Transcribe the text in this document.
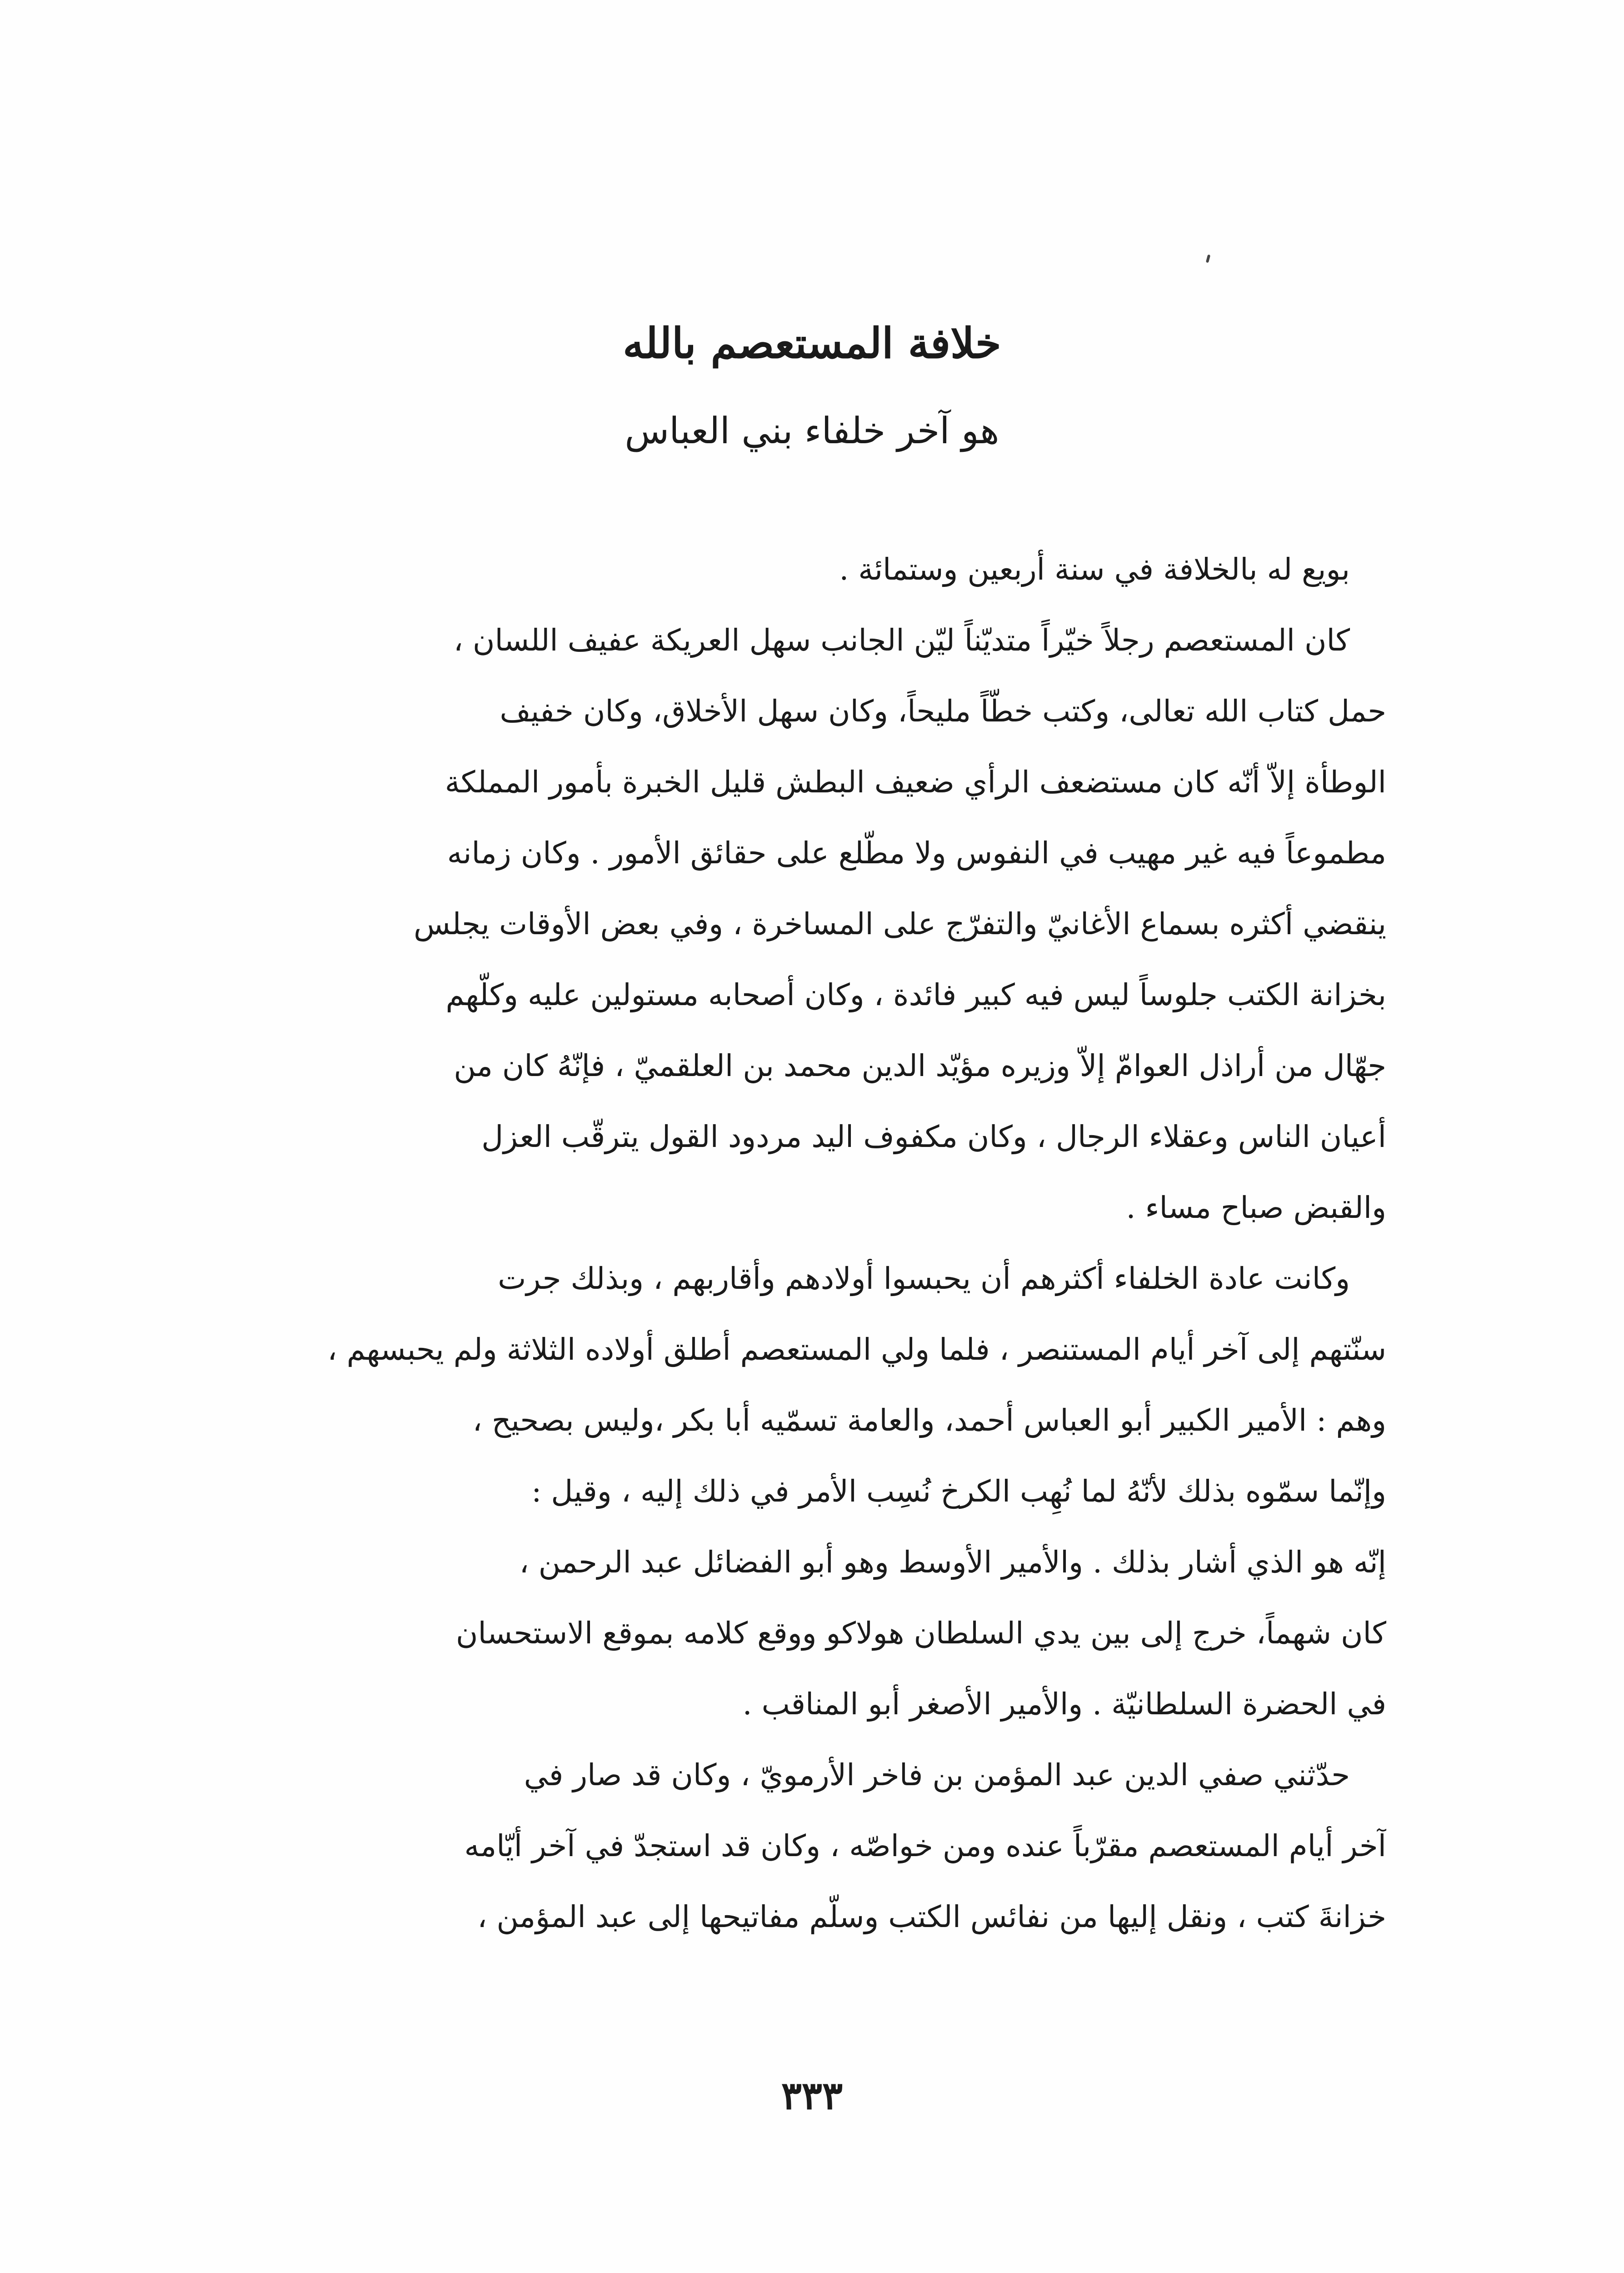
خلافة المستعصم بالله
هو آخر خلفاء بني العباس
بويع له بالخلافة في سنة أربعين وستمائة .
كان المستعصم رجلاً خيّراً متديّناً ليّن الجانب سهل العريكة عفيف اللسان ،
حمل كتاب الله تعالى، وكتب خطّاً مليحاً، وكان سهل الأخلاق، وكان خفيف
الوطأة إلاّ أنّه كان مستضعف الرأي ضعيف البطش قليل الخبرة بأمور المملكة
مطموعاً فيه غير مهيب في النفوس ولا مطّلع على حقائق الأمور . وكان زمانه
ينقضي أكثره بسماع الأغانيّ والتفرّج على المساخرة ، وفي بعض الأوقات يجلس
بخزانة الكتب جلوساً ليس فيه كبير فائدة ، وكان أصحابه مستولين عليه وكلّهم
جهّال من أراذل العوامّ إلاّ وزيره مؤيّد الدين محمد بن العلقميّ ، فإنّهُ كان من
أعيان الناس وعقلاء الرجال ، وكان مكفوف اليد مردود القول يترقّب العزل
والقبض صباح مساء .
وكانت عادة الخلفاء أكثرهم أن يحبسوا أولادهم وأقاربهم ، وبذلك جرت
سنّتهم إلى آخر أيام المستنصر ، فلما ولي المستعصم أطلق أولاده الثلاثة ولم يحبسهم ،
وهم : الأمير الكبير أبو العباس أحمد، والعامة تسمّيه أبا بكر ،وليس بصحيح ،
وإنّما سمّوه بذلك لأنّهُ لما نُهِب الكرخ نُسِب الأمر في ذلك إليه ، وقيل :
إنّه هو الذي أشار بذلك . والأمير الأوسط وهو أبو الفضائل عبد الرحمن ،
كان شهماً، خرج إلى بين يدي السلطان هولاكو ووقع كلامه بموقع الاستحسان
في الحضرة السلطانيّة . والأمير الأصغر أبو المناقب .
حدّثني صفي الدين عبد المؤمن بن فاخر الأرمويّ ، وكان قد صار في
آخر أيام المستعصم مقرّباً عنده ومن خواصّه ، وكان قد استجدّ في آخر أيّامه
خزانةَ كتب ، ونقل إليها من نفائس الكتب وسلّم مفاتيحها إلى عبد المؤمن ،
٣٣٣
